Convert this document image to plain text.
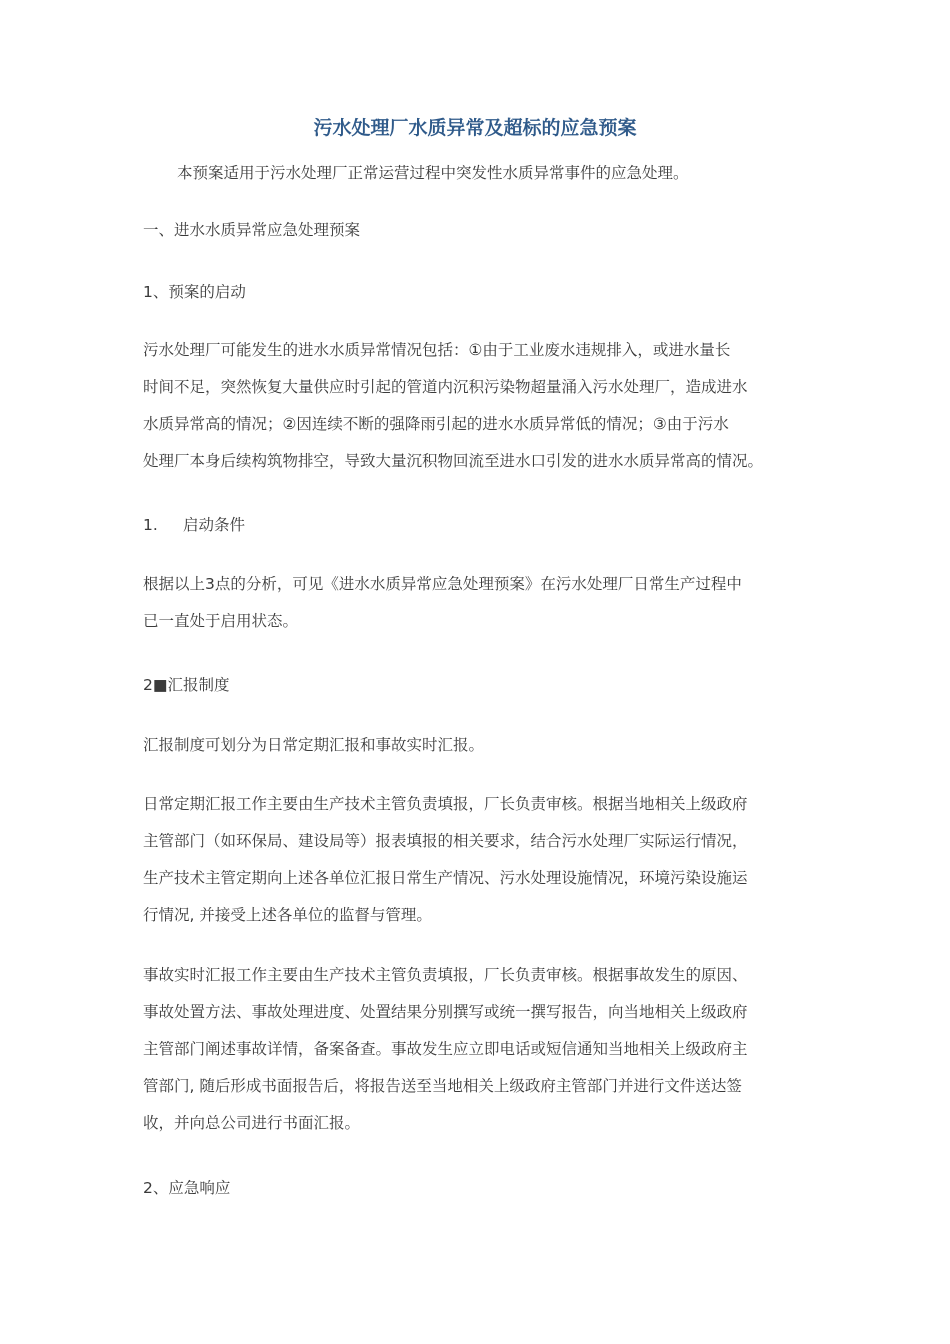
污水处理厂水质异常及超标的应急预案

本预案适用于污水处理厂正常运营过程中突发性水质异常事件的应急处理。

一、进水水质异常应急处理预案

1、预案的启动

污水处理厂可能发生的进水水质异常情况包括：①由于工业废水违规排入，或进水量长
时间不足，突然恢复大量供应时引起的管道内沉积污染物超量涌入污水处理厂，造成进水
水质异常高的情况；②因连续不断的强降雨引起的进水水质异常低的情况；③由于污水
处理厂本身后续构筑物排空，导致大量沉积物回流至进水口引发的进水水质异常高的情况。

1. 启动条件

根据以上3点的分析，可见《进水水质异常应急处理预案》在污水处理厂日常生产过程中
已一直处于启用状态。

2■汇报制度

汇报制度可划分为日常定期汇报和事故实时汇报。

日常定期汇报工作主要由生产技术主管负责填报，厂长负责审核。根据当地相关上级政府
主管部门（如环保局、建设局等）报表填报的相关要求，结合污水处理厂实际运行情况，
生产技术主管定期向上述各单位汇报日常生产情况、污水处理设施情况，环境污染设施运
行情况, 并接受上述各单位的监督与管理。
事故实时汇报工作主要由生产技术主管负责填报，厂长负责审核。根据事故发生的原因、
事故处置方法、事故处理进度、处置结果分别撰写或统一撰写报告，向当地相关上级政府
主管部门阐述事故详情，备案备查。事故发生应立即电话或短信通知当地相关上级政府主
管部门, 随后形成书面报告后，将报告送至当地相关上级政府主管部门并进行文件送达签
收，并向总公司进行书面汇报。

2、应急响应
